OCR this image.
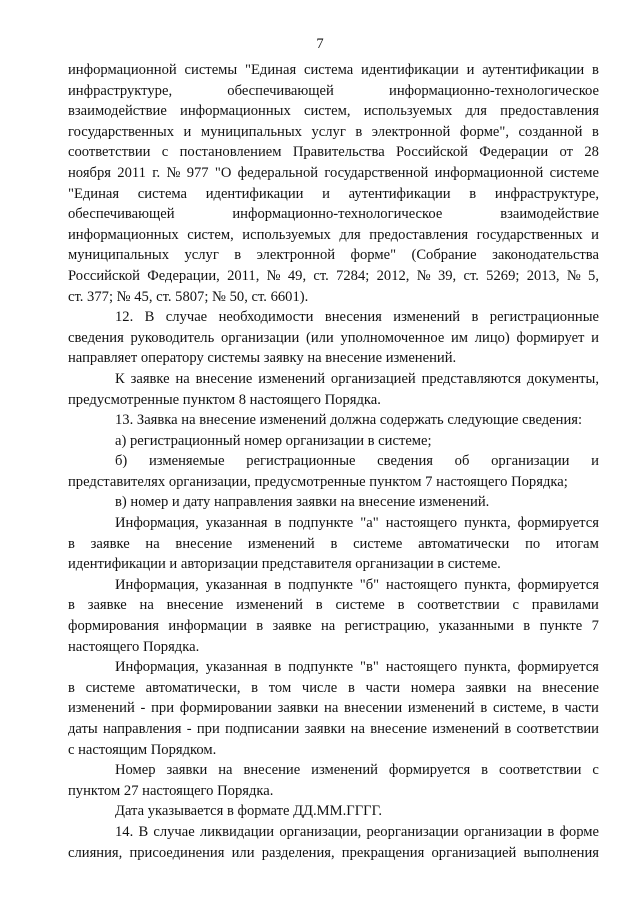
7
информационной системы "Единая система идентификации и аутентификации в
инфраструктуре,	обеспечивающей	информационно-технологическое
взаимодействие информационных систем, используемых для предоставления
государственных и муниципальных услуг в электронной форме", созданной в
соответствии с постановлением Правительства Российской Федерации от 28
ноября 2011 г. № 977 "О федеральной государственной информационной системе
"Единая система идентификации и аутентификации в инфраструктуре,
обеспечивающей	информационно-технологическое	взаимодействие
информационных систем, используемых для предоставления государственных и
муниципальных услуг в электронной форме" (Собрание законодательства
Российской Федерации, 2011, № 49, ст. 7284; 2012, № 39, ст. 5269; 2013, № 5,
ст. 377; № 45, ст. 5807; № 50, ст. 6601).
12. В случае необходимости внесения изменений в регистрационные
сведения руководитель организации (или уполномоченное им лицо) формирует и
направляет оператору системы заявку на внесение изменений.
К заявке на внесение изменений организацией представляются документы,
предусмотренные пунктом 8 настоящего Порядка.
13. Заявка на внесение изменений должна содержать следующие сведения:
а) регистрационный номер организации в системе;
б) изменяемые регистрационные сведения об организации и
представителях организации, предусмотренные пунктом 7 настоящего Порядка;
в) номер и дату направления заявки на внесение изменений.
Информация, указанная в подпункте "а" настоящего пункта, формируется
в заявке на внесение изменений в системе автоматически по итогам
идентификации и авторизации представителя организации в системе.
Информация, указанная в подпункте "б" настоящего пункта, формируется
в заявке на внесение изменений в системе в соответствии с правилами
формирования информации в заявке на регистрацию, указанными в пункте 7
настоящего Порядка.
Информация, указанная в подпункте "в" настоящего пункта, формируется
в системе автоматически, в том числе в части номера заявки на внесение
изменений - при формировании заявки на внесении изменений в системе, в части
даты направления - при подписании заявки на внесение изменений в соответствии
с настоящим Порядком.
Номер заявки на внесение изменений формируется в соответствии с
пунктом 27 настоящего Порядка.
Дата указывается в формате ДД.ММ.ГГГГ.
14. В случае ликвидации организации, реорганизации организации в форме
слияния, присоединения или разделения, прекращения организацией выполнения
